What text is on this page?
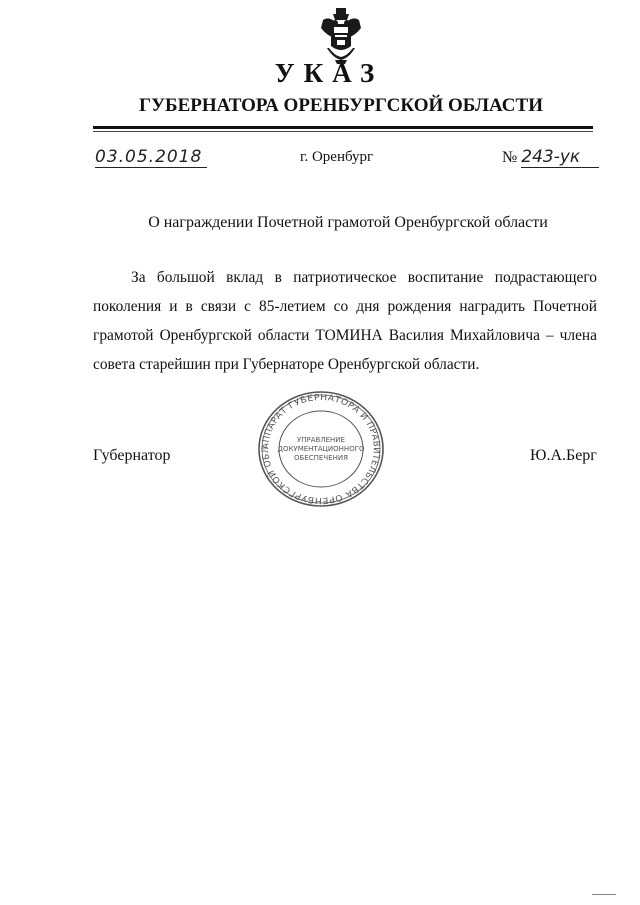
УКАЗ
ГУБЕРНАТОРА ОРЕНБУРГСКОЙ ОБЛАСТИ
03.05.2018	г. Оренбург	№ 243-ук
О награждении Почетной грамотой Оренбургской области
За большой вклад в патриотическое воспитание подрастающего поколения и в связи с 85-летием со дня рождения наградить Почетной грамотой Оренбургской области ТОМИНА Василия Михайловича – члена совета старейшин при Губернаторе Оренбургской области.
АППАРАТ ГУБЕРНАТОРА И ПРАВИТЕЛЬСТВА ОРЕНБУРГСКОЙ ОБЛ
УПРАВЛЕНИЕ
ДОКУМЕНТАЦИОННОГО
ОБЕСПЕЧЕНИЯ
Губернатор	Ю.А.Берг
